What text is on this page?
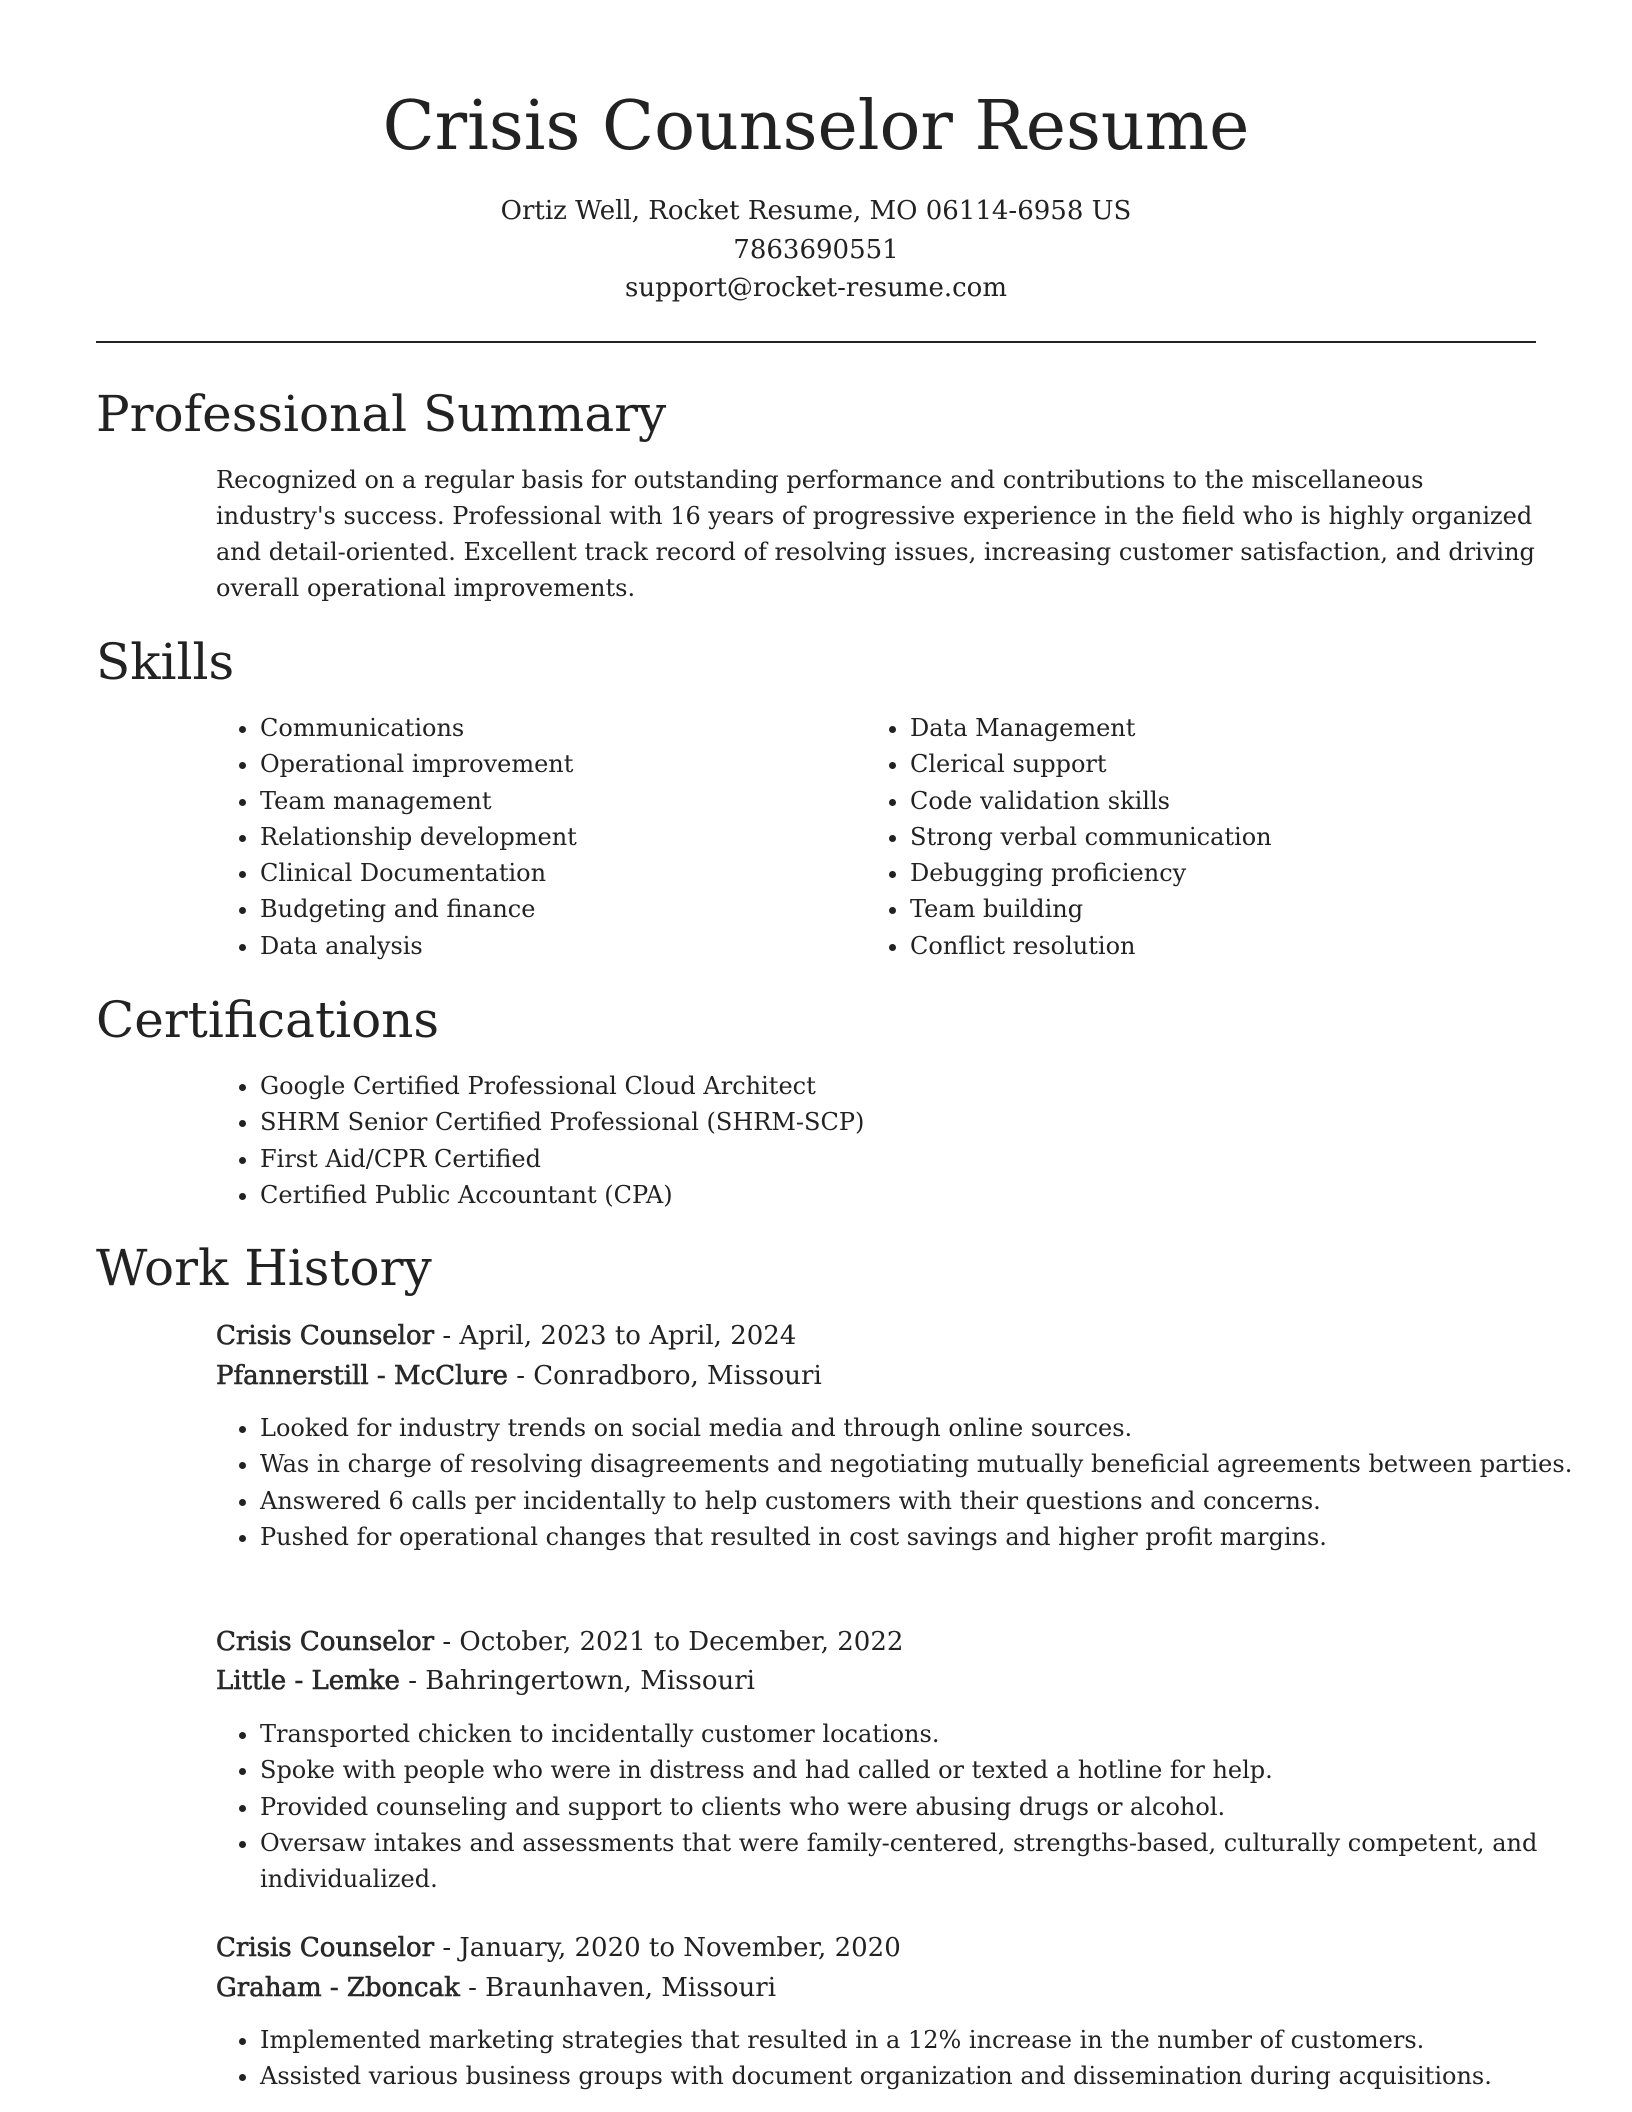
Crisis Counselor Resume
Ortiz Well, Rocket Resume, MO 06114-6958 US
7863690551
support@rocket-resume.com
Professional Summary

Recognized on a regular basis for outstanding performance and contributions to the miscellaneous industry's success. Professional with 16 years of progressive experience in the field who is highly organized and detail-oriented. Excellent track record of resolving issues, increasing customer satisfaction, and driving overall operational improvements.

Skills
• Communications
• Operational improvement
• Team management
• Relationship development
• Clinical Documentation
• Budgeting and finance
• Data analysis
• Data Management
• Clerical support
• Code validation skills
• Strong verbal communication
• Debugging proficiency
• Team building
• Conflict resolution
Certifications
• Google Certified Professional Cloud Architect
• SHRM Senior Certified Professional (SHRM-SCP)
• First Aid/CPR Certified
• Certified Public Accountant (CPA)
Work History
Crisis Counselor - April, 2023 to April, 2024
Pfannerstill - McClure - Conradboro, Missouri
• Looked for industry trends on social media and through online sources.
• Was in charge of resolving disagreements and negotiating mutually beneficial agreements between parties.
• Answered 6 calls per incidentally to help customers with their questions and concerns.
• Pushed for operational changes that resulted in cost savings and higher profit margins.
Crisis Counselor - October, 2021 to December, 2022
Little - Lemke - Bahringertown, Missouri
• Transported chicken to incidentally customer locations.
• Spoke with people who were in distress and had called or texted a hotline for help.
• Provided counseling and support to clients who were abusing drugs or alcohol.
• Oversaw intakes and assessments that were family-centered, strengths-based, culturally competent, and individualized.
Crisis Counselor - January, 2020 to November, 2020
Graham - Zboncak - Braunhaven, Missouri
• Implemented marketing strategies that resulted in a 12% increase in the number of customers.
• Assisted various business groups with document organization and dissemination during acquisitions.
